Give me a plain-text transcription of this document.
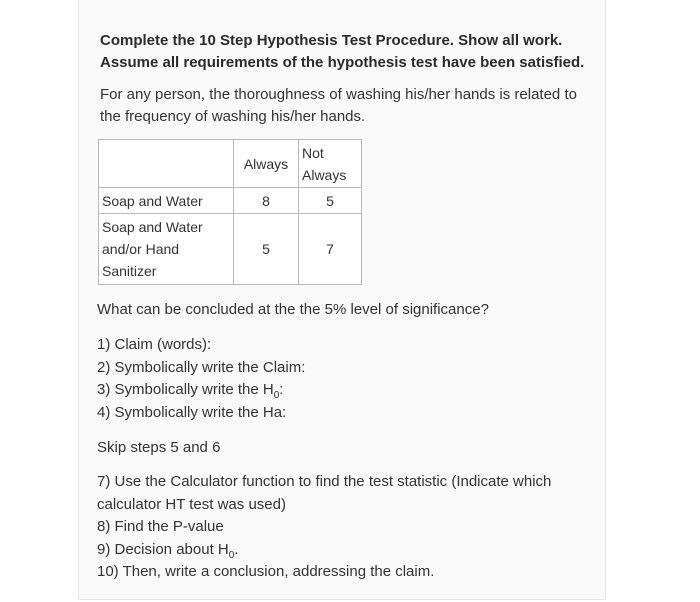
Complete the 10 Step Hypothesis Test Procedure. Show all work.
Assume all requirements of the hypothesis test have been satisfied.
For any person, the thoroughness of washing his/her hands is related to
the frequency of washing his/her hands.
	Always	Not
Always
Soap and Water	8	5
Soap and Water
and/or Hand
Sanitizer	5	7
What can be concluded at the the 5% level of significance?
1) Claim (words):
2) Symbolically write the Claim:
3) Symbolically write the $H_0$:
4) Symbolically write the Ha:
Skip steps 5 and 6
7) Use the Calculator function to find the test statistic (Indicate which
calculator HT test was used)
8) Find the P-value
9) Decision about $H_0$.
10) Then, write a conclusion, addressing the claim.
